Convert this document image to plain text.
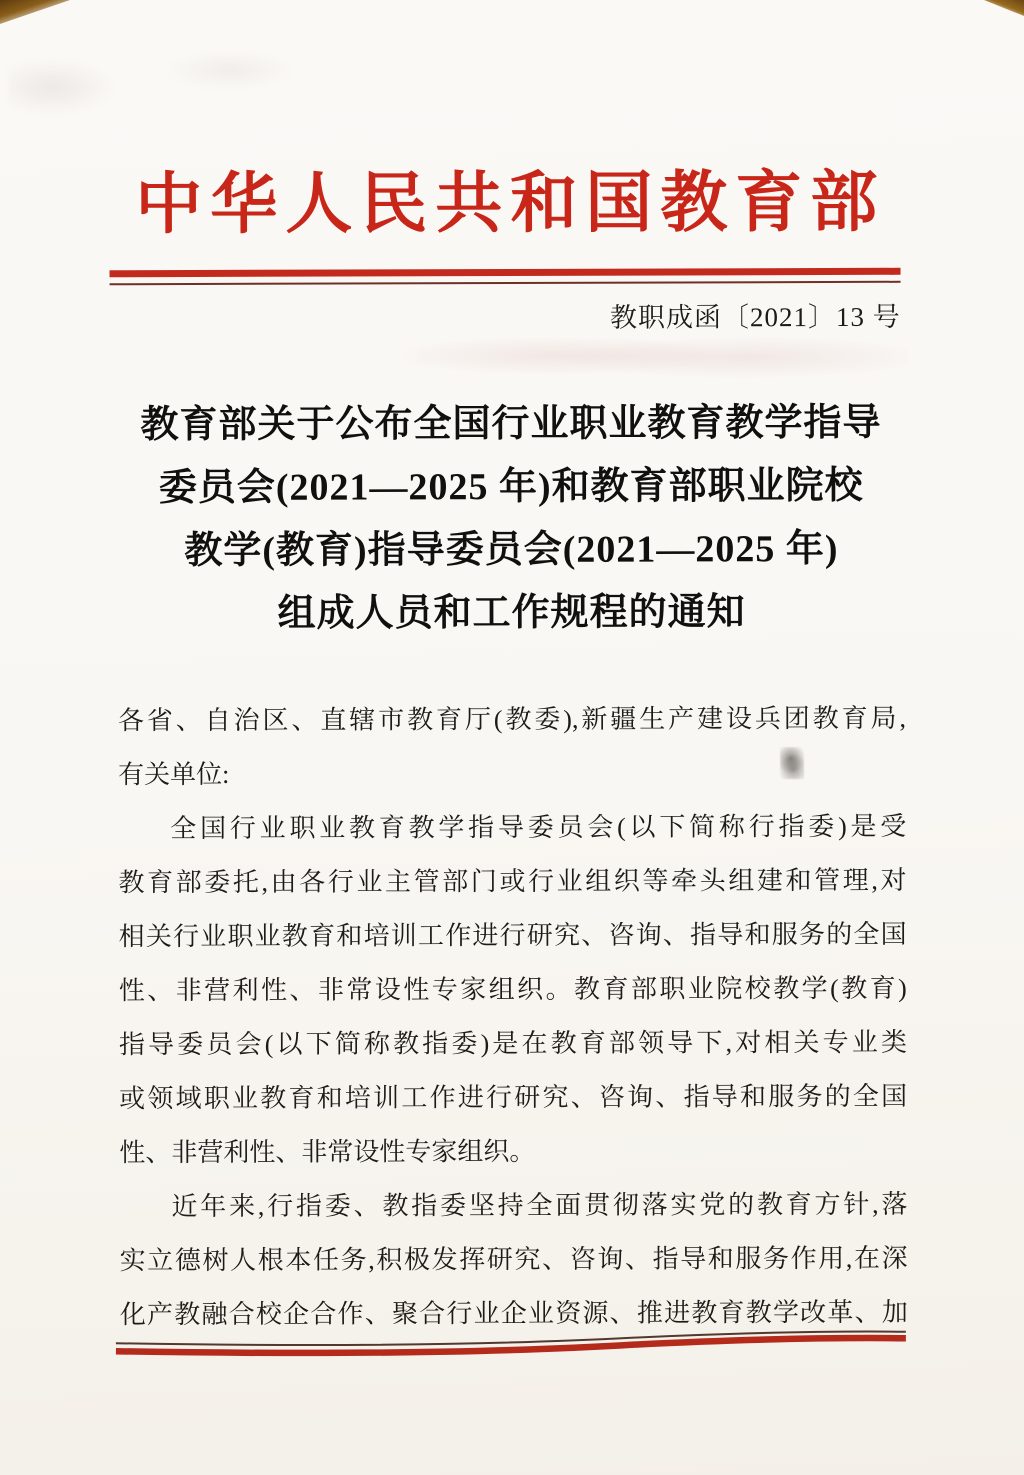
中华人民共和国教育部
教职成函〔2021〕13 号
教育部关于公布全国行业职业教育教学指导
委员会(2021—2025 年)和教育部职业院校
教学(教育)指导委员会(2021—2025 年)
组成人员和工作规程的通知
各省、自治区、直辖市教育厅(教委),新疆生产建设兵团教育局,
有关单位:
全国行业职业教育教学指导委员会(以下简称行指委)是受
教育部委托,由各行业主管部门或行业组织等牵头组建和管理,对
相关行业职业教育和培训工作进行研究、咨询、指导和服务的全国
性、非营利性、非常设性专家组织。教育部职业院校教学(教育)
指导委员会(以下简称教指委)是在教育部领导下,对相关专业类
或领域职业教育和培训工作进行研究、咨询、指导和服务的全国
性、非营利性、非常设性专家组织。
近年来,行指委、教指委坚持全面贯彻落实党的教育方针,落
实立德树人根本任务,积极发挥研究、咨询、指导和服务作用,在深
化产教融合校企合作、聚合行业企业资源、推进教育教学改革、加
